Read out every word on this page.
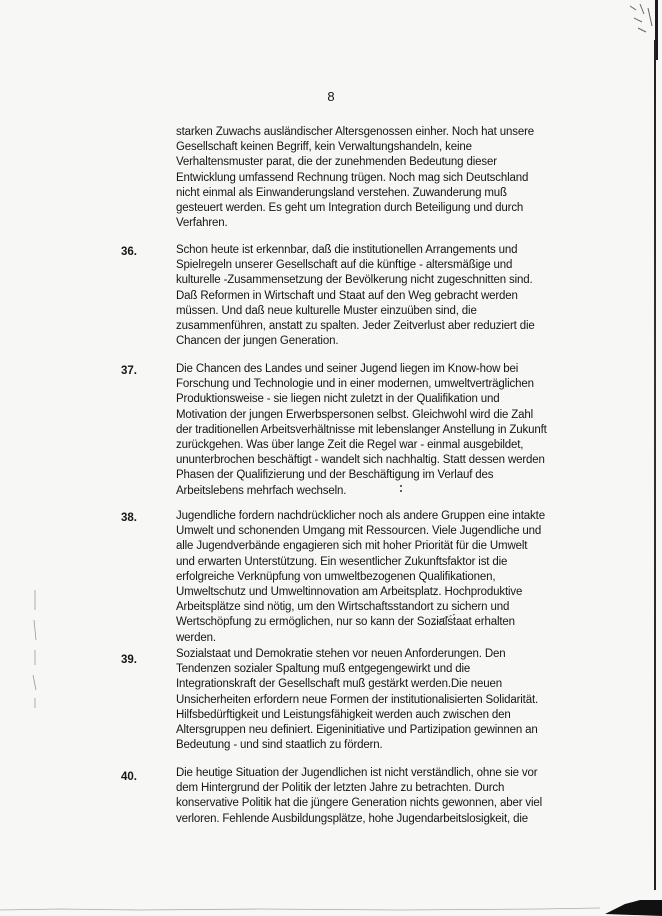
8
starken Zuwachs ausländischer Altersgenossen einher. Noch hat unsere
Gesellschaft keinen Begriff, kein Verwaltungshandeln, keine
Verhaltensmuster parat, die der zunehmenden Bedeutung dieser
Entwicklung umfassend Rechnung trügen. Noch mag sich Deutschland
nicht einmal als Einwanderungsland verstehen. Zuwanderung muß
gesteuert werden. Es geht um Integration durch Beteiligung und durch
Verfahren.
36.	Schon heute ist erkennbar, daß die institutionellen Arrangements und
Spielregeln unserer Gesellschaft auf die künftige - altersmäßige und
kulturelle -Zusammensetzung der Bevölkerung nicht zugeschnitten sind.
Daß Reformen in Wirtschaft und Staat auf den Weg gebracht werden
müssen. Und daß neue kulturelle Muster einzuüben sind, die
zusammenführen, anstatt zu spalten. Jeder Zeitverlust aber reduziert die
Chancen der jungen Generation.
37.	Die Chancen des Landes und seiner Jugend liegen im Know-how bei
Forschung und Technologie und in einer modernen, umweltverträglichen
Produktionsweise - sie liegen nicht zuletzt in der Qualifikation und
Motivation der jungen Erwerbspersonen selbst. Gleichwohl wird die Zahl
der traditionellen Arbeitsverhältnisse mit lebenslanger Anstellung in Zukunft
zurückgehen. Was über lange Zeit die Regel war - einmal ausgebildet,
ununterbrochen beschäftigt - wandelt sich nachhaltig. Statt dessen werden
Phasen der Qualifizierung und der Beschäftigung im Verlauf des
Arbeitslebens mehrfach wechseln.
38.	Jugendliche fordern nachdrücklicher noch als andere Gruppen eine intakte
Umwelt und schonenden Umgang mit Ressourcen. Viele Jugendliche und
alle Jugendverbände engagieren sich mit hoher Priorität für die Umwelt
und erwarten Unterstützung. Ein wesentlicher Zukunftsfaktor ist die
erfolgreiche Verknüpfung von umweltbezogenen Qualifikationen,
Umweltschutz und Umweltinnovation am Arbeitsplatz. Hochproduktive
Arbeitsplätze sind nötig, um den Wirtschaftsstandort zu sichern und
Wertschöpfung zu ermöglichen, nur so kann der Sozialstaat erhalten
werden.
39.	Sozialstaat und Demokratie stehen vor neuen Anforderungen. Den
Tendenzen sozialer Spaltung muß entgegengewirkt und die
Integrationskraft der Gesellschaft muß gestärkt werden.Die neuen
Unsicherheiten erfordern neue Formen der institutionalisierten Solidarität.
Hilfsbedürftigkeit und Leistungsfähigkeit werden auch zwischen den
Altersgruppen neu definiert. Eigeninitiative und Partizipation gewinnen an
Bedeutung - und sind staatlich zu fördern.
40.	Die heutige Situation der Jugendlichen ist nicht verständlich, ohne sie vor
dem Hintergrund der Politik der letzten Jahre zu betrachten. Durch
konservative Politik hat die jüngere Generation nichts gewonnen, aber viel
verloren. Fehlende Ausbildungsplätze, hohe Jugendarbeitslosigkeit, die
